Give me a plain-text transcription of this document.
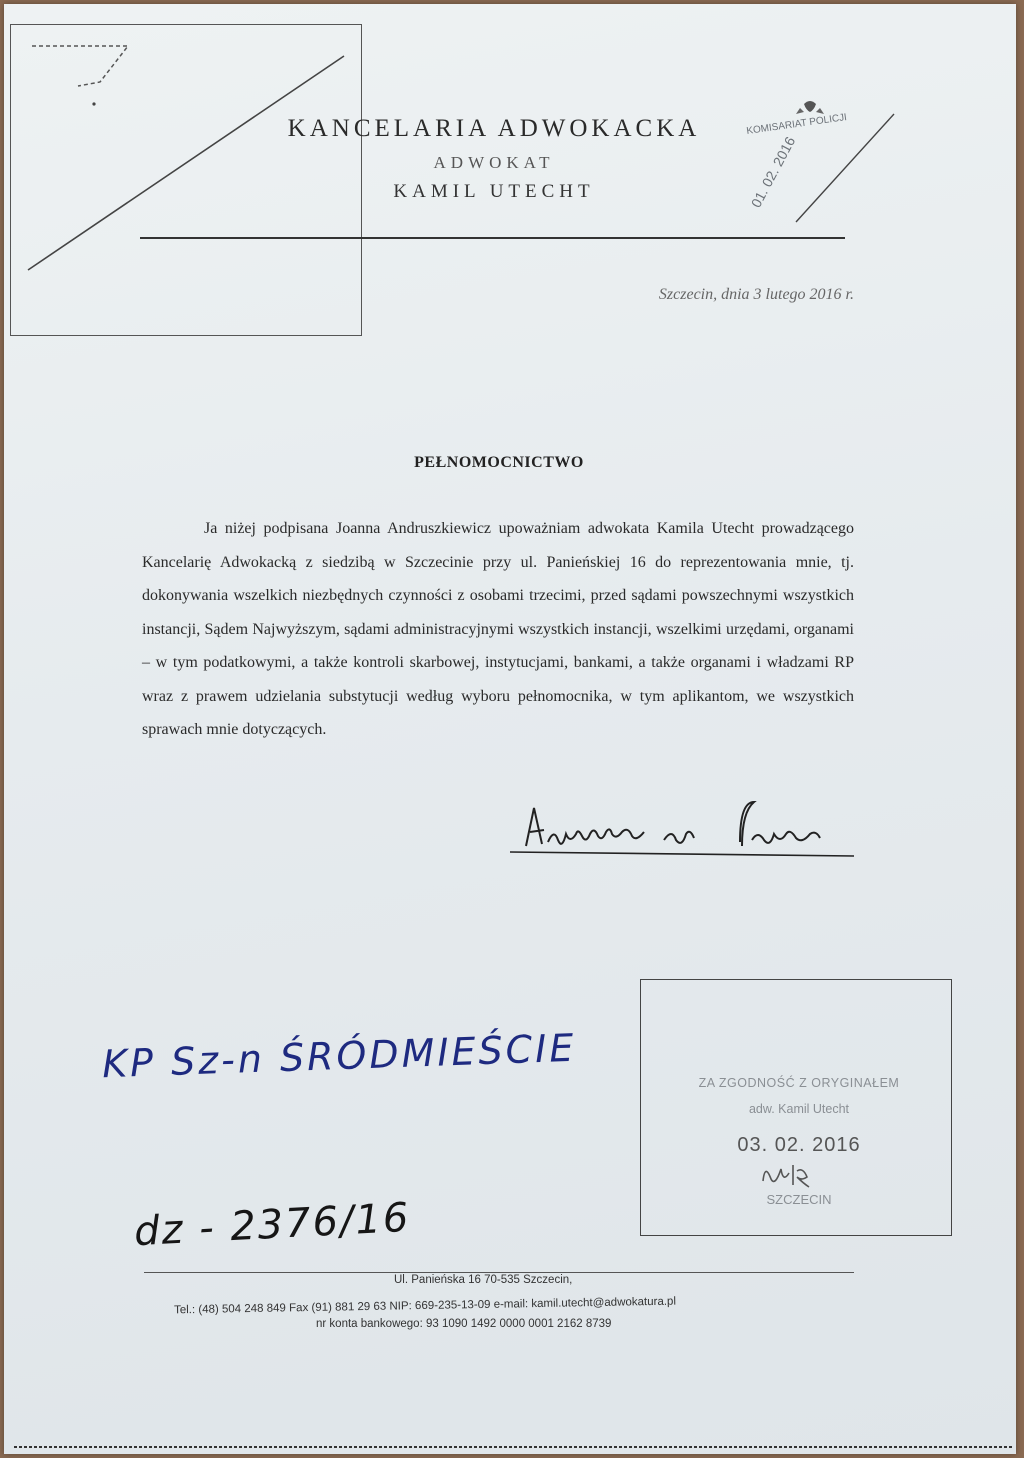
KANCELARIA ADWOKACKA
ADWOKAT
KAMIL UTECHT
KOMISARIAT POLICJI
01. 02. 2016
Szczecin, dnia 3 lutego 2016 r.
PEŁNOMOCNICTWO
Ja niżej podpisana Joanna Andruszkiewicz upoważniam adwokata Kamila Utecht prowadzącego Kancelarię Adwokacką z siedzibą w Szczecinie przy ul. Panieńskiej 16 do reprezentowania mnie, tj. dokonywania wszelkich niezbędnych czynności z osobami trzecimi, przed sądami powszechnymi wszystkich instancji, Sądem Najwyższym, sądami administracyjnymi wszystkich instancji, wszelkimi urzędami, organami – w tym podatkowymi, a także kontroli skarbowej, instytucjami, bankami, a także organami i władzami RP wraz z prawem udzielania substytucji według wyboru pełnomocnika, w tym aplikantom, we wszystkich sprawach mnie dotyczących.
KP Sz-n ŚRÓDMIEŚCIE
dz - 2376/16
ZA ZGODNOŚĆ Z ORYGINAŁEM
adw. Kamil Utecht
03. 02. 2016
SZCZECIN
Ul. Panieńska 16 70-535 Szczecin,
Tel.: (48) 504 248 849 Fax (91) 881 29 63 NIP: 669-235-13-09 e-mail: kamil.utecht@adwokatura.pl
nr konta bankowego: 93 1090 1492 0000 0001 2162 8739
